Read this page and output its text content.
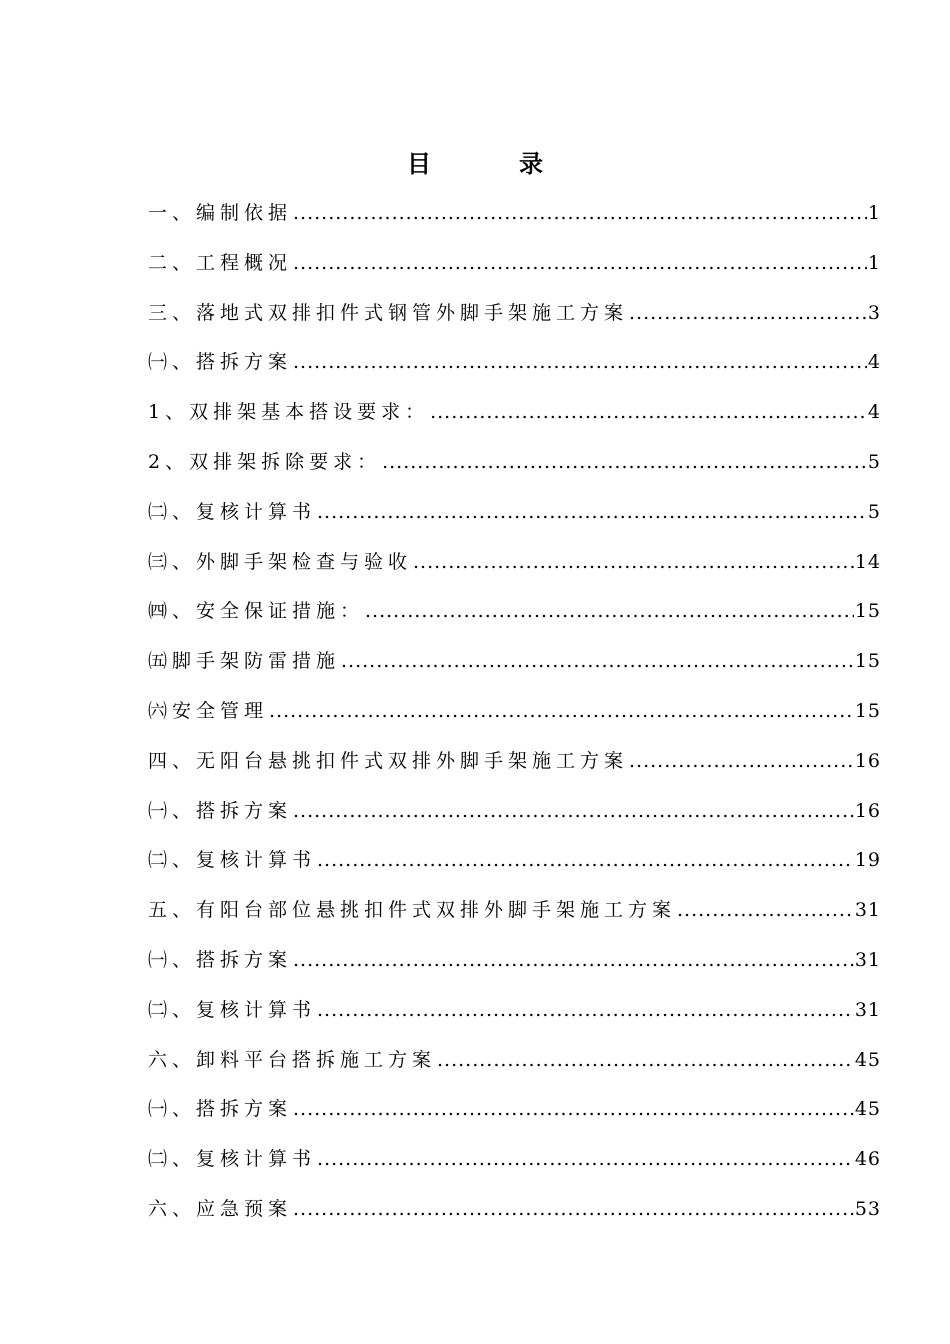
目　录
一、编制依据 .....	1
二、工程概况 .....	1
三、落地式双排扣件式钢管外脚手架施工方案 .....	3
㈠、搭拆方案 .....	4
1、双排架基本搭设要求： .....	4
2、双排架拆除要求： .....	5
㈡、复核计算书 .....	5
㈢、外脚手架检查与验收 .....	14
㈣、安全保证措施： .....	15
㈤脚手架防雷措施 .....	15
㈥安全管理 .....	15
四、无阳台悬挑扣件式双排外脚手架施工方案 .....	16
㈠、搭拆方案 .....	16
㈡、复核计算书 .....	19
五、有阳台部位悬挑扣件式双排外脚手架施工方案 .....	31
㈠、搭拆方案 .....	31
㈡、复核计算书 .....	31
六、卸料平台搭拆施工方案 .....	45
㈠、搭拆方案 .....	45
㈡、复核计算书 .....	46
六、应急预案 .....	53
